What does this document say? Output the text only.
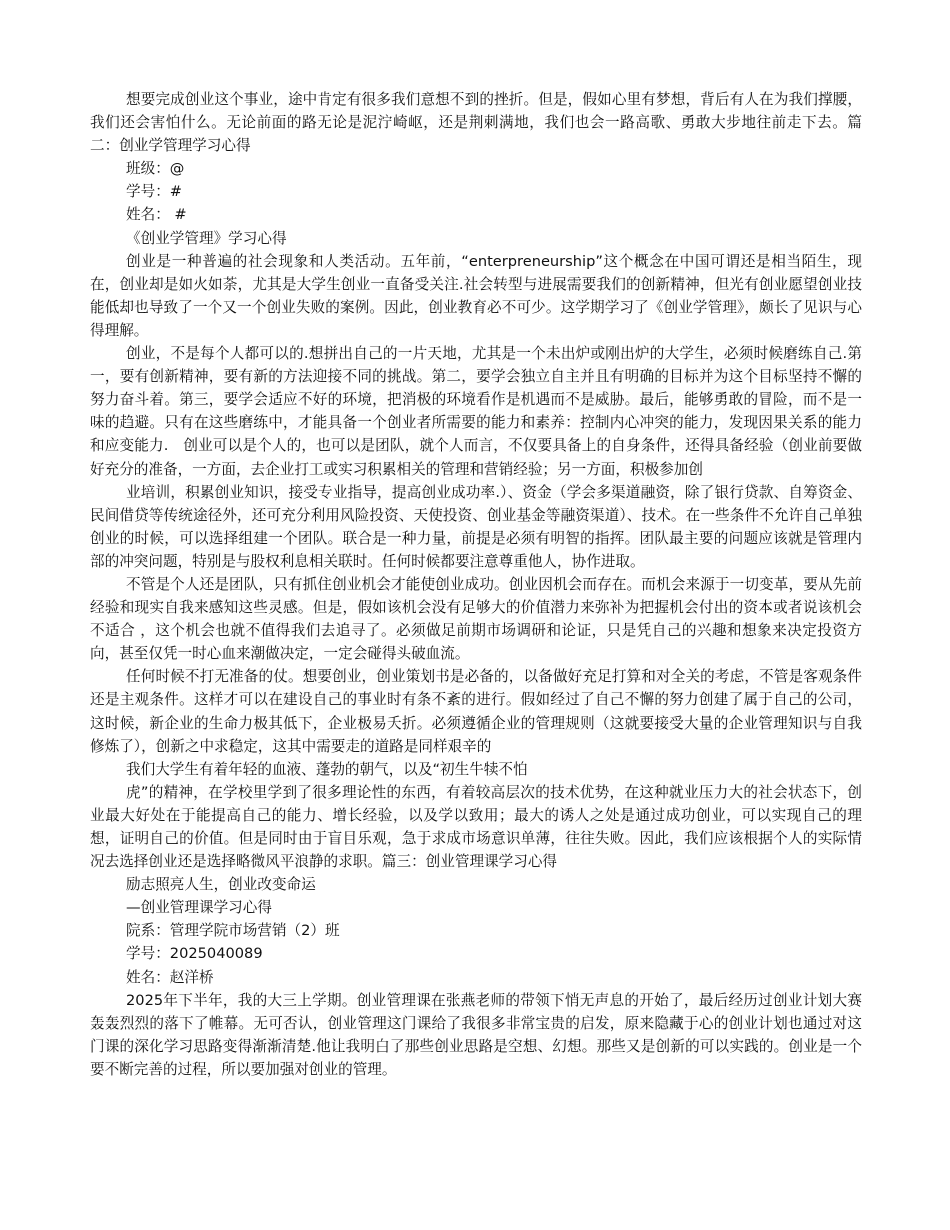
想要完成创业这个事业，途中肯定有很多我们意想不到的挫折。但是，假如心里有梦想，背后有人在为我们撑腰，我们还会害怕什么。无论前面的路无论是泥泞崎岖，还是荆刺满地，我们也会一路高歌、勇敢大步地往前走下去。篇二：创业学管理学习心得

班级：@

学号：#

姓名： #

《创业学管理》学习心得

创业是一种普遍的社会现象和人类活动。五年前，“enterpreneurship”这个概念在中国可谓还是相当陌生，现在，创业却是如火如荼，尤其是大学生创业一直备受关注.社会转型与进展需要我们的创新精神，但光有创业愿望创业技能低却也导致了一个又一个创业失败的案例。因此，创业教育必不可少。这学期学习了《创业学管理》，颇长了见识与心得理解。

创业，不是每个人都可以的.想拼出自己的一片天地，尤其是一个未出炉或刚出炉的大学生，必须时候磨练自己.第一，要有创新精神，要有新的方法迎接不同的挑战。第二，要学会独立自主并且有明确的目标并为这个目标坚持不懈的努力奋斗着。第三，要学会适应不好的环境，把消极的环境看作是机遇而不是威胁。最后，能够勇敢的冒险，而不是一味的趋避。只有在这些磨练中，才能具备一个创业者所需要的能力和素养：控制内心冲突的能力，发现因果关系的能力和应变能力.　创业可以是个人的，也可以是团队，就个人而言，不仅要具备上的自身条件，还得具备经验（创业前要做好充分的准备，一方面，去企业打工或实习积累相关的管理和营销经验；另一方面，积极参加创

业培训，积累创业知识，接受专业指导，提高创业成功率.）、资金（学会多渠道融资，除了银行贷款、自筹资金、民间借贷等传统途径外，还可充分利用风险投资、天使投资、创业基金等融资渠道）、技术。在一些条件不允许自己单独创业的时候，可以选择组建一个团队。联合是一种力量，前提是必须有明智的指挥。团队最主要的问题应该就是管理内部的冲突问题，特别是与股权利息相关联时。任何时候都要注意尊重他人，协作进取。

不管是个人还是团队，只有抓住创业机会才能使创业成功。创业因机会而存在。而机会来源于一切变革，要从先前经验和现实自我来感知这些灵感。但是，假如该机会没有足够大的价值潜力来弥补为把握机会付出的资本或者说该机会不适合 ，这个机会也就不值得我们去追寻了。必须做足前期市场调研和论证，只是凭自己的兴趣和想象来决定投资方向，甚至仅凭一时心血来潮做决定，一定会碰得头破血流。

任何时候不打无准备的仗。想要创业，创业策划书是必备的，以备做好充足打算和对全关的考虑，不管是客观条件还是主观条件。这样才可以在建设自己的事业时有条不紊的进行。假如经过了自己不懈的努力创建了属于自己的公司，这时候，新企业的生命力极其低下，企业极易夭折。必须遵循企业的管理规则（这就要接受大量的企业管理知识与自我修炼了），创新之中求稳定，这其中需要走的道路是同样艰辛的

我们大学生有着年轻的血液、蓬勃的朝气，以及“初生牛犊不怕

虎”的精神，在学校里学到了很多理论性的东西，有着较高层次的技术优势，在这种就业压力大的社会状态下，创业最大好处在于能提高自己的能力、增长经验，以及学以致用；最大的诱人之处是通过成功创业，可以实现自己的理想，证明自己的价值。但是同时由于盲目乐观，急于求成市场意识单薄，往往失败。因此，我们应该根据个人的实际情况去选择创业还是选择略微风平浪静的求职。篇三：创业管理课学习心得

励志照亮人生，创业改变命运

—创业管理课学习心得

院系：管理学院市场营销（2）班

学号：2025040089

姓名：赵洋桥

2025年下半年，我的大三上学期。创业管理课在张燕老师的带领下悄无声息的开始了，最后经历过创业计划大赛轰轰烈烈的落下了帷幕。无可否认，创业管理这门课给了我很多非常宝贵的启发，原来隐藏于心的创业计划也通过对这门课的深化学习思路变得渐渐清楚.他让我明白了那些创业思路是空想、幻想。那些又是创新的可以实践的。创业是一个要不断完善的过程，所以要加强对创业的管理。
